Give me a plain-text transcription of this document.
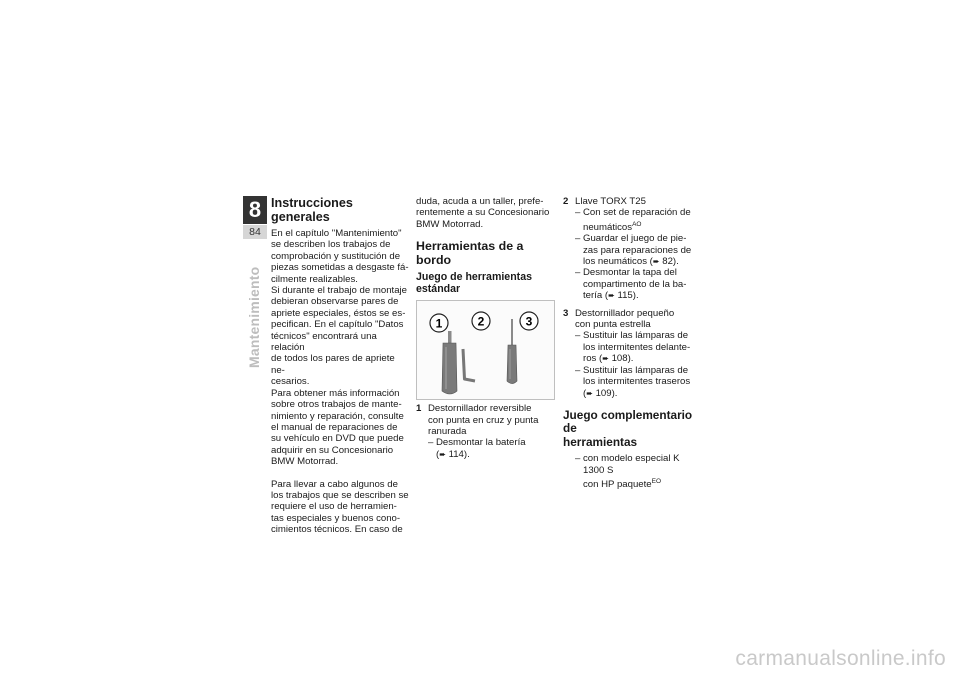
8
84
Mantenimiento
Instrucciones generales

En el capítulo "Mantenimiento"
se describen los trabajos de
comprobación y sustitución de
piezas sometidas a desgaste fá-
cilmente realizables.

Si durante el trabajo de montaje
debieran observarse pares de
apriete especiales, éstos se es-
pecifican. En el capítulo "Datos
técnicos" encontrará una relación
de todos los pares de apriete ne-
cesarios.

Para obtener más información
sobre otros trabajos de mante-
nimiento y reparación, consulte
el manual de reparaciones de
su vehículo en DVD que puede
adquirir en su Concesionario
BMW Motorrad.

Para llevar a cabo algunos de
los trabajos que se describen se
requiere el uso de herramien-
tas especiales y buenos cono-
cimientos técnicos. En caso de

duda, acuda a un taller, prefe-
rentemente a su Concesionario
BMW Motorrad.

Herramientas de a
bordo
Juego de herramientas
estándar
1	2	3
1 Destornillador reversible
con punta en cruz y punta
ranurada
– Desmontar la batería
(➨ 114).
2 Llave TORX T25
– Con set de reparación de
neumáticos$^{AO}$
– Guardar el juego de pie-
zas para reparaciones de
los neumáticos (➨ 82).
– Desmontar la tapa del
compartimento de la ba-
tería (➨ 115).
3 Destornillador pequeño
con punta estrella
– Sustituir las lámparas de
los intermitentes delante-
ros (➨ 108).
– Sustituir las lámparas de
los intermitentes traseros
(➨ 109).
Juego complementario de
herramientas
– con modelo especial K 1300 S
con HP paquete$^{EO}$
carmanualsonline.info
